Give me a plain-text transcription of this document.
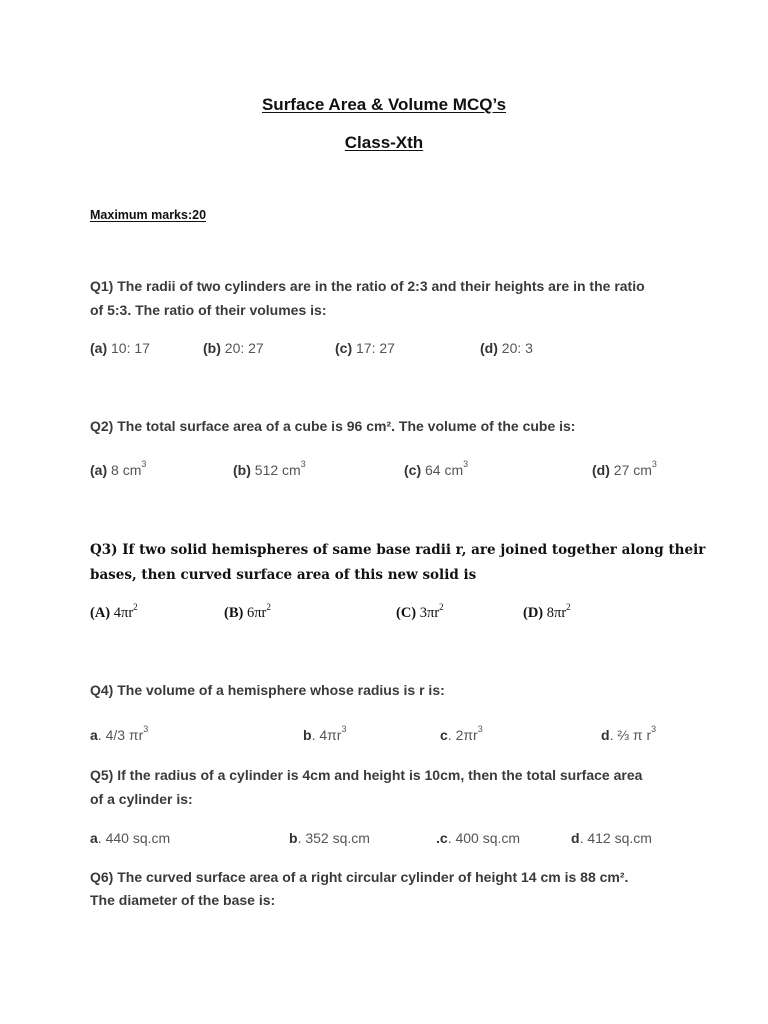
Surface Area & Volume MCQ’s
Class-Xth
Maximum marks:20
Q1) The radii of two cylinders are in the ratio of 2:3 and their heights are in the ratio
of 5:3. The ratio of their volumes is:
(a) 10: 17	(b) 20: 27	(c) 17: 27	(d) 20: 3
Q2) The total surface area of a cube is 96 cm². The volume of the cube is:
(a) 8 $cm^3$	(b) 512 $cm^3$	(c) 64 $cm^3$	(d) 27 $cm^3$
Q3) If two solid hemispheres of same base radii r, are joined together along their
bases, then curved surface area of this new solid is
(A) $4\pi r^2$	(B) $6\pi r^2$	(C) $3\pi r^2$	(D) $8\pi r^2$
Q4) The volume of a hemisphere whose radius is r is:
a. 4/3 $\pi r^3$	b. $4\pi r^3$	c. $2\pi r^3$	d. ⅔ π $r^3$
Q5) If the radius of a cylinder is 4cm and height is 10cm, then the total surface area
of a cylinder is:
a. 440 sq.cm	b. 352 sq.cm	.c. 400 sq.cm	d. 412 sq.cm
Q6) The curved surface area of a right circular cylinder of height 14 cm is 88 cm².
The diameter of the base is:
